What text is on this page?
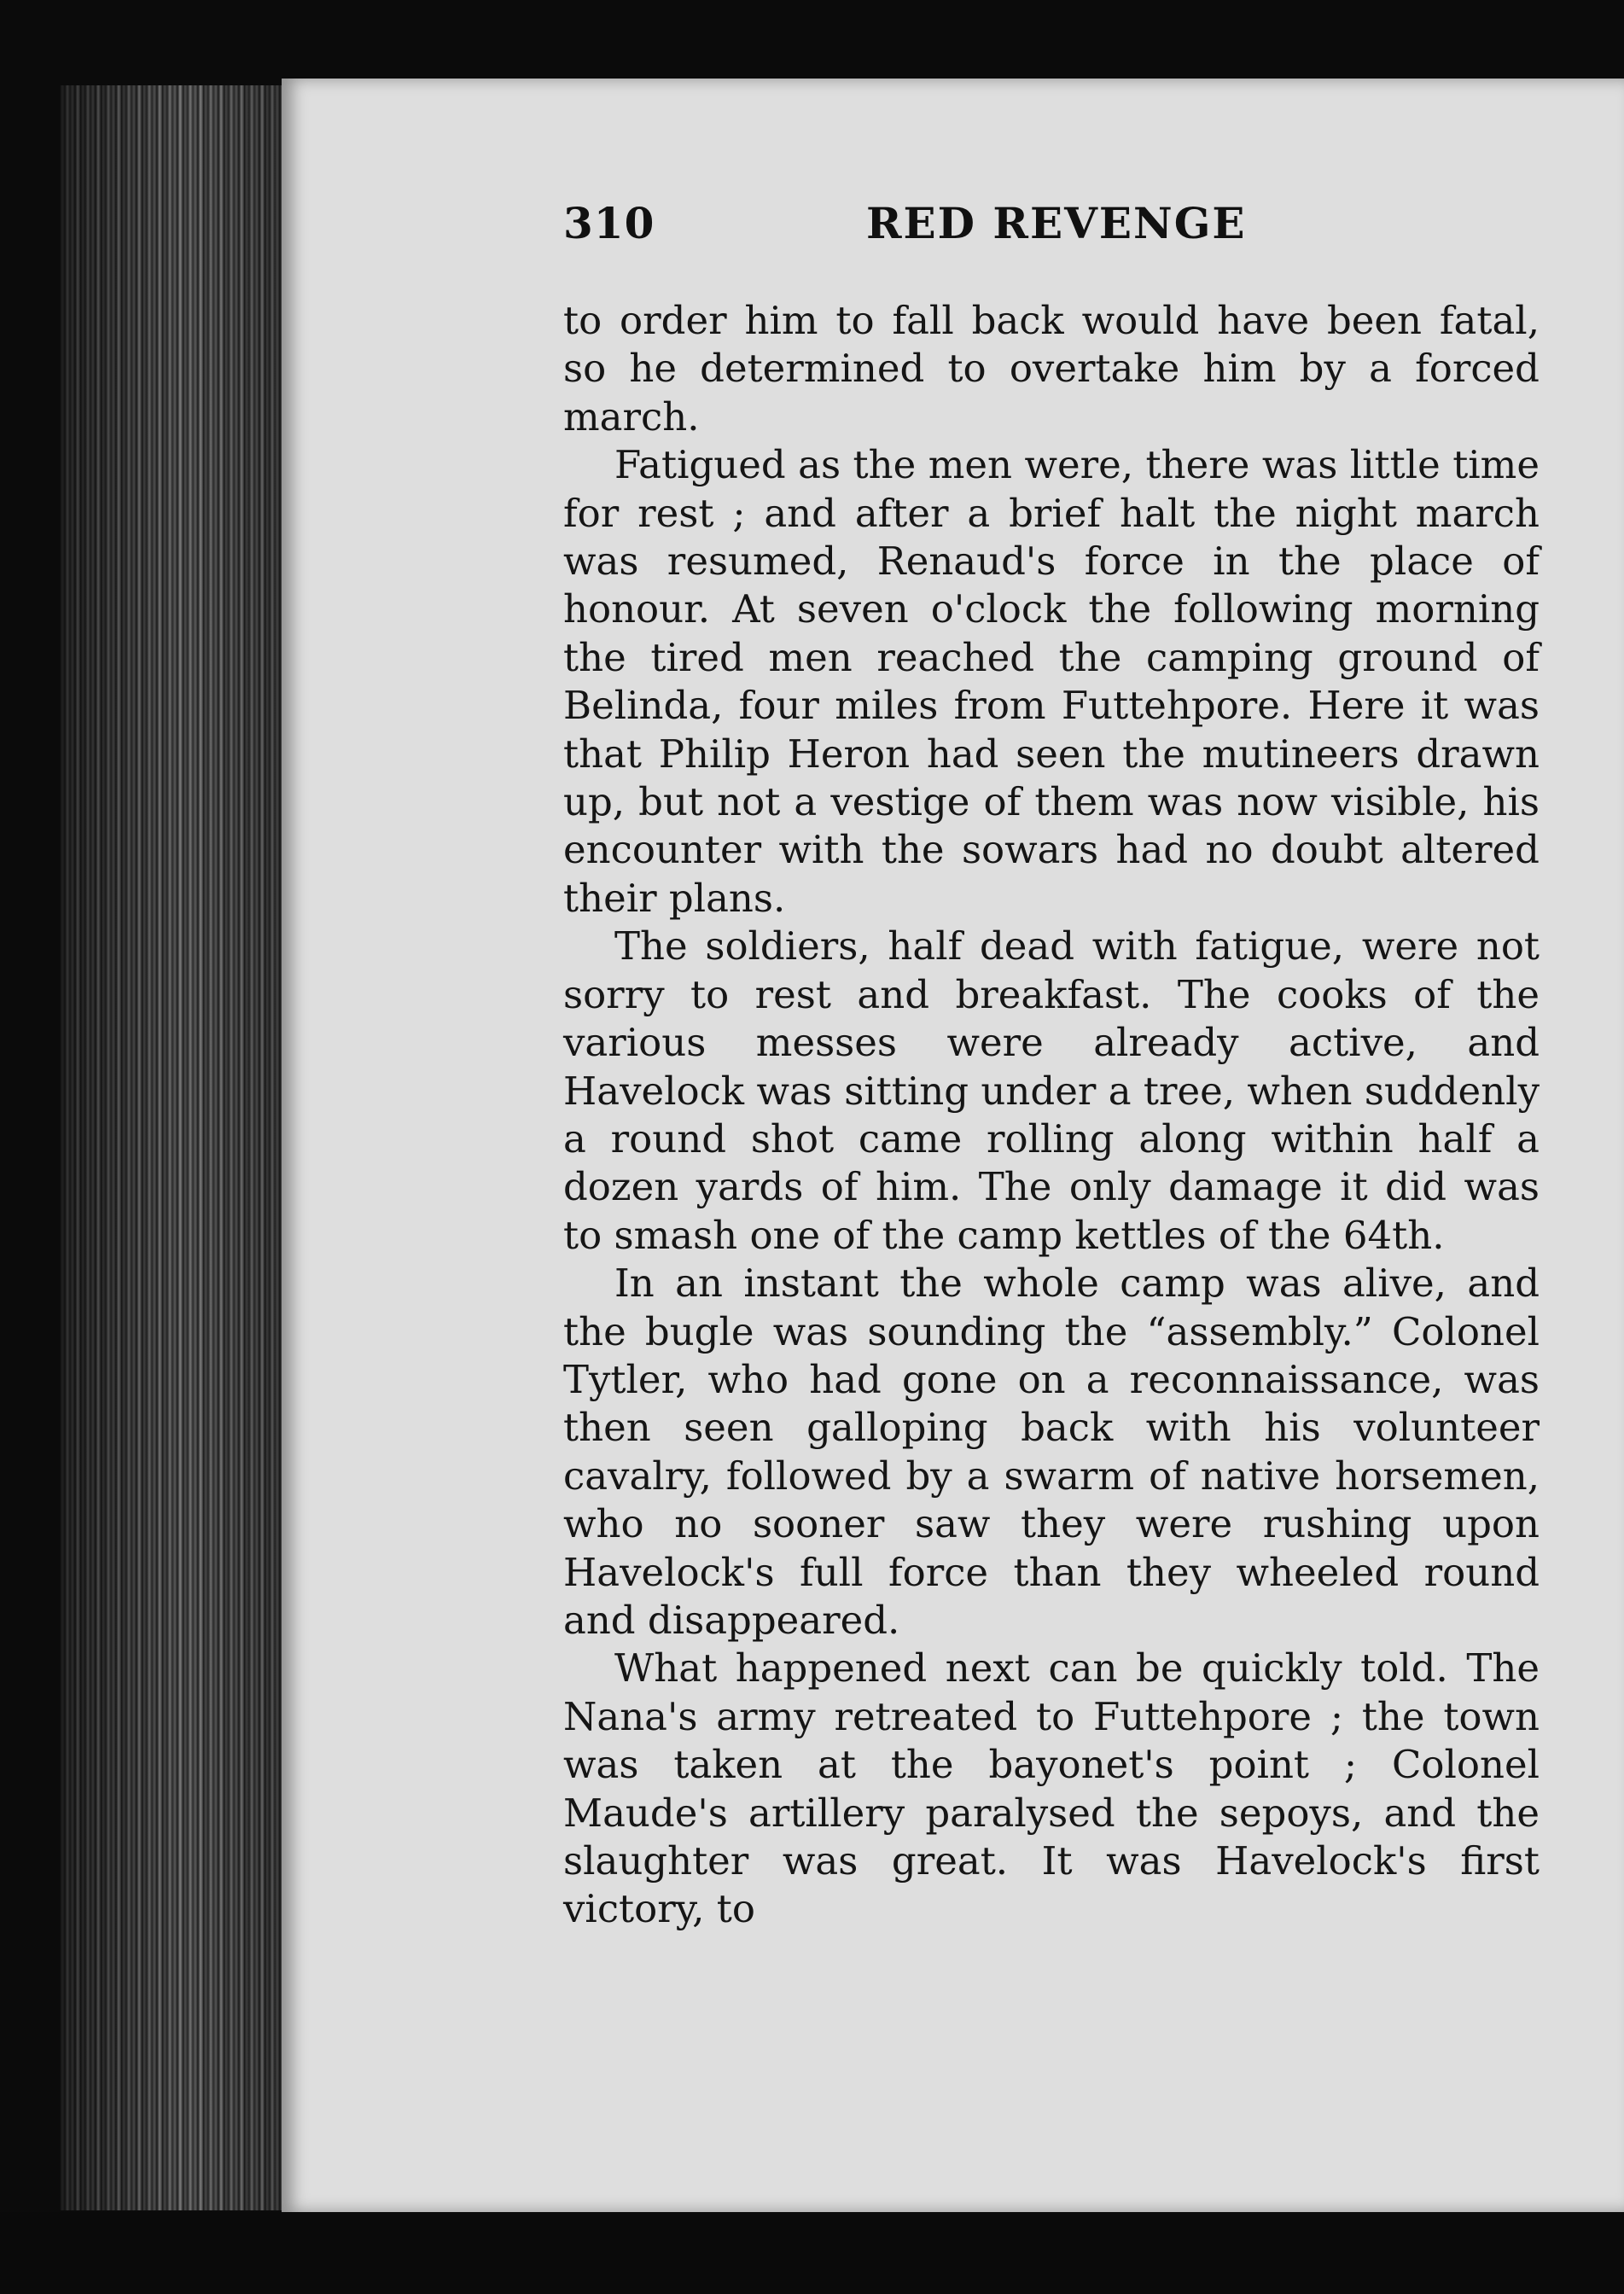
310	RED REVENGE

to order him to fall back would have been fatal, so he determined to overtake him by a forced march.

Fatigued as the men were, there was little time for rest ; and after a brief halt the night march was resumed, Renaud's force in the place of honour. At seven o'clock the following morning the tired men reached the camping ground of Belinda, four miles from Futtehpore. Here it was that Philip Heron had seen the mutineers drawn up, but not a vestige of them was now visible, his encounter with the sowars had no doubt altered their plans.

The soldiers, half dead with fatigue, were not sorry to rest and breakfast. The cooks of the various messes were already active, and Havelock was sitting under a tree, when suddenly a round shot came rolling along within half a dozen yards of him. The only damage it did was to smash one of the camp kettles of the 64th.

In an instant the whole camp was alive, and the bugle was sounding the “assembly.” Colonel Tytler, who had gone on a reconnaissance, was then seen galloping back with his volunteer cavalry, followed by a swarm of native horsemen, who no sooner saw they were rushing upon Havelock's full force than they wheeled round and disappeared.

What happened next can be quickly told. The Nana's army retreated to Futtehpore ; the town was taken at the bayonet's point ; Colonel Maude's artillery paralysed the sepoys, and the slaughter was great. It was Havelock's first victory, to
